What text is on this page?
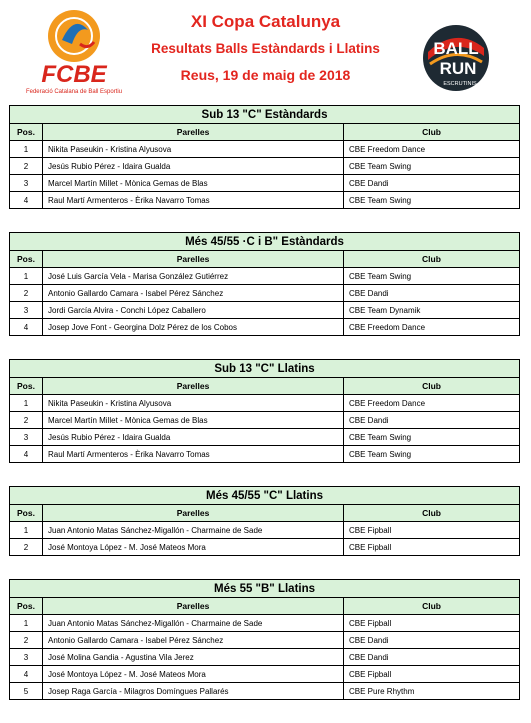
FCBE
Federació Catalana de Ball Esportiu
XI Copa Catalunya
Resultats Balls Estàndards i Llatins
Reus, 19 de maig de 2018
BALL
RUN
ESCRUTINIS
Sub 13 "C" Estàndards		
Pos.	Parelles	Club
1	Nikita Paseukin - Kristina Alyusova	CBE Freedom Dance
2	Jesús Rubio Pérez - Idaira Gualda	CBE Team Swing
3	Marcel Martín Millet - Mònica Gemas de Blas	CBE Dandi
4	Raul Martí Armenteros - Èrika Navarro Tomas	CBE Team Swing
Més 45/55 ·C i B" Estàndards		
Pos.	Parelles	Club
1	José Luis García Vela - Marisa González Gutiérrez	CBE Team Swing
2	Antonio Gallardo Camara - Isabel Pérez Sánchez	CBE Dandi
3	Jordi García Alvira - Conchi López Caballero	CBE Team Dynamik
4	Josep Jove Font - Georgina Dolz Pérez de los Cobos	CBE Freedom Dance
Sub 13 "C" Llatins		
Pos.	Parelles	Club
1	Nikita Paseukin - Kristina Alyusova	CBE Freedom Dance
2	Marcel Martín Millet - Mònica Gemas de Blas	CBE Dandi
3	Jesús Rubio Pérez - Idaira Gualda	CBE Team Swing
4	Raul Martí Armenteros - Èrika Navarro Tomas	CBE Team Swing
Més 45/55 "C" Llatins		
Pos.	Parelles	Club
1	Juan Antonio Matas Sánchez-Migallón - Charmaine de Sade	CBE Fipball
2	José Montoya López - M. José Mateos Mora	CBE Fipball
Més 55 "B" Llatins		
Pos.	Parelles	Club
1	Juan Antonio Matas Sánchez-Migallón - Charmaine de Sade	CBE Fipball
2	Antonio Gallardo Camara - Isabel Pérez Sánchez	CBE Dandi
3	José Molina Gandia - Agustina Vila Jerez	CBE Dandi
4	José Montoya López - M. José Mateos Mora	CBE Fipball
5	Josep Raga García - Milagros Domíngues Pallarés	CBE Pure Rhythm
